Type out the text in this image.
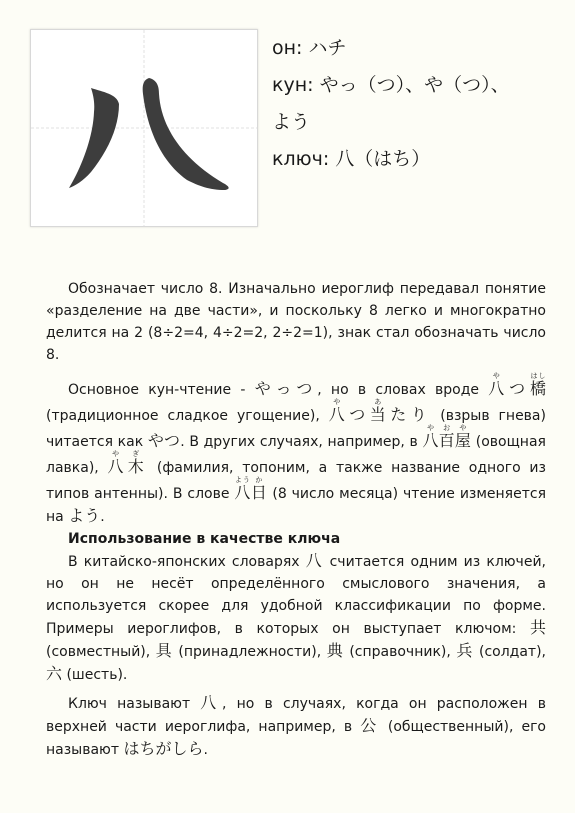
он: ハチ
кун: やっ（つ）、や（つ）、
よう
ключ: 八（はち）

Обозначает число 8. Изначально иероглиф передавал понятие «разделение на две части», и поскольку 8 легко и многократно делится на 2 (8÷2=4, 4÷2=2, 2÷2=1), знак стал обозначать число 8.

Основное кун-чтение - やっつ, но в словах вроде 八やつ橋はし (традиционное сладкое угощение), 八やつ当あたり (взрыв гнева) читается как やつ. В других случаях, например, в 八や百お屋や (овощная лавка), 八や木ぎ (фамилия, топоним, а также название одного из типов антенны). В слове 八よう日か (8 число месяца) чтение изменяется на よう.

Использование в качестве ключа

В китайско-японских словарях 八 считается одним из ключей, но он не несёт определённого смыслового значения, а используется скорее для удобной классификации по форме. Примеры иероглифов, в которых он выступает ключом: 共 (совместный), 具 (принадлежности), 典 (справочник), 兵 (солдат), 六 (шесть).

Ключ называют 八, но в случаях, когда он расположен в верхней части иероглифа, например, в 公 (общественный), его называют はちがしら.
